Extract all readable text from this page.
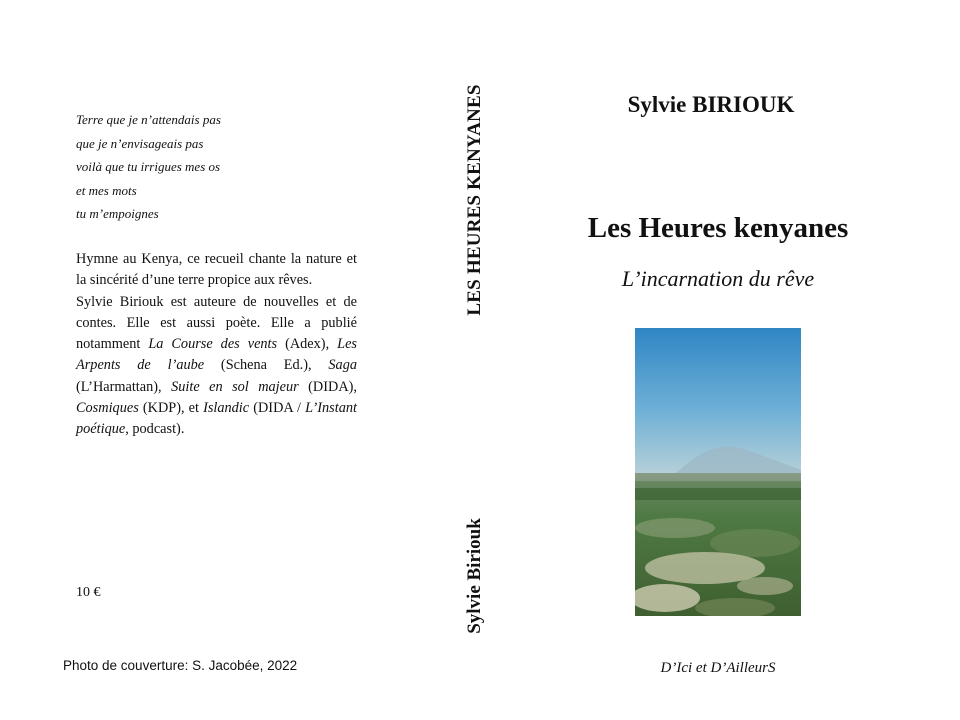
Terre que je n’attendais pas
que je n’envisageais pas
voilà que tu irrigues mes os
et mes mots
tu m’empoignes

Hymne au Kenya, ce recueil chante la nature et la sincérité d’une terre propice aux rêves.

Sylvie Biriouk est auteure de nouvelles et de contes. Elle est aussi poète. Elle a publié notamment La Course des vents (Adex), Les Arpents de l’aube (Schena Ed.), Saga (L’Harmattan), Suite en sol majeur (DIDA), Cosmiques (KDP), et Islandic (DIDA / L’Instant poétique, podcast).

10 €
Photo de couverture: S. Jacobée, 2022
LES HEURES KENYANES
Sylvie Biriouk
Sylvie BIRIOUK
Les Heures kenyanes
L’incarnation du rêve
D’Ici et D’AilleurS
